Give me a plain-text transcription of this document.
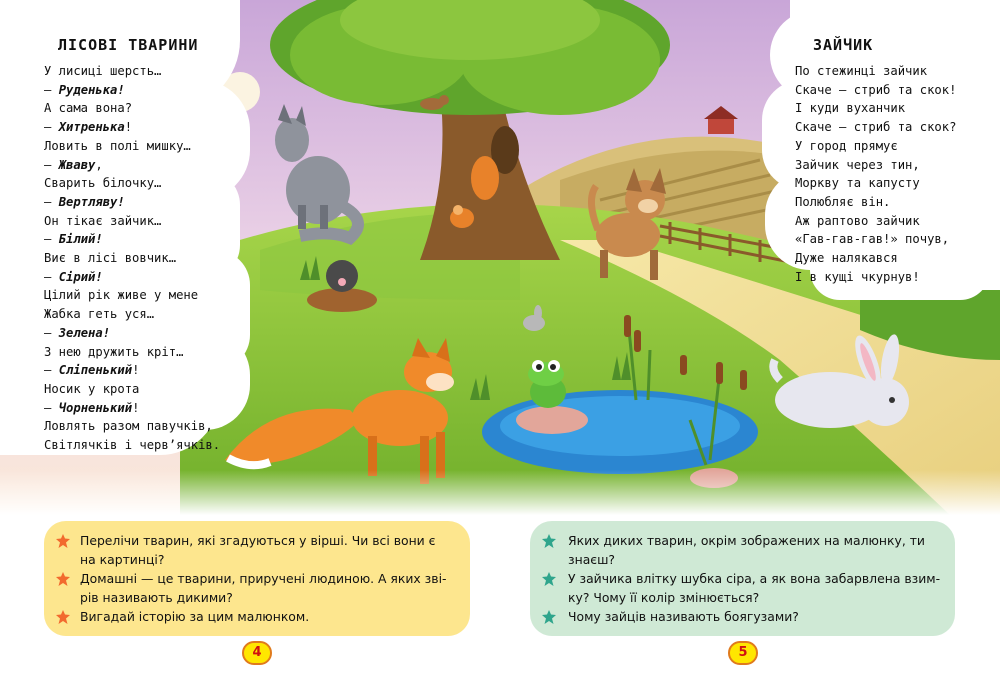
ЛІСОВІ ТВАРИНИ
У лисиці шерсть…
— Руденька!
А сама вона?
— Хитренька!
Ловить в полі мишку…
— Жваву,
Сварить білочку…
— Вертляву!
Он тікає зайчик…
— Білий!
Виє в лісі вовчик…
— Сірий!
Цілий рік живе у мене
Жабка геть уся…
— Зелена!
З нею дружить кріт…
— Сліпенький!
Носик у крота
— Чорненький!
Ловлять разом павучків,
Світлячків і черв’ячків.
ЗАЙЧИК
По стежинці зайчик
Скаче — стриб та скок!
І куди вуханчик
Скаче — стриб та скок?
У город прямує
Зайчик через тин,
Моркву та капусту
Полюбляє він.
Аж раптово зайчик
«Гав-гав-гав!» почув,
Дуже налякався
І в кущі чкурнув!
Перелічи тварин, які згадуються у вірші. Чи всі вони є
на картинці?
Домашні — це тварини, приручені людиною. А яких зві-
рів називають дикими?
Вигадай історію за цим малюнком.
Яких диких тварин, окрім зображених на малюнку, ти
знаєш?
У зайчика влітку шубка сіра, а як вона забарвлена взим-
ку? Чому її колір змінюється?
Чому зайців називають боягузами?
4	5
